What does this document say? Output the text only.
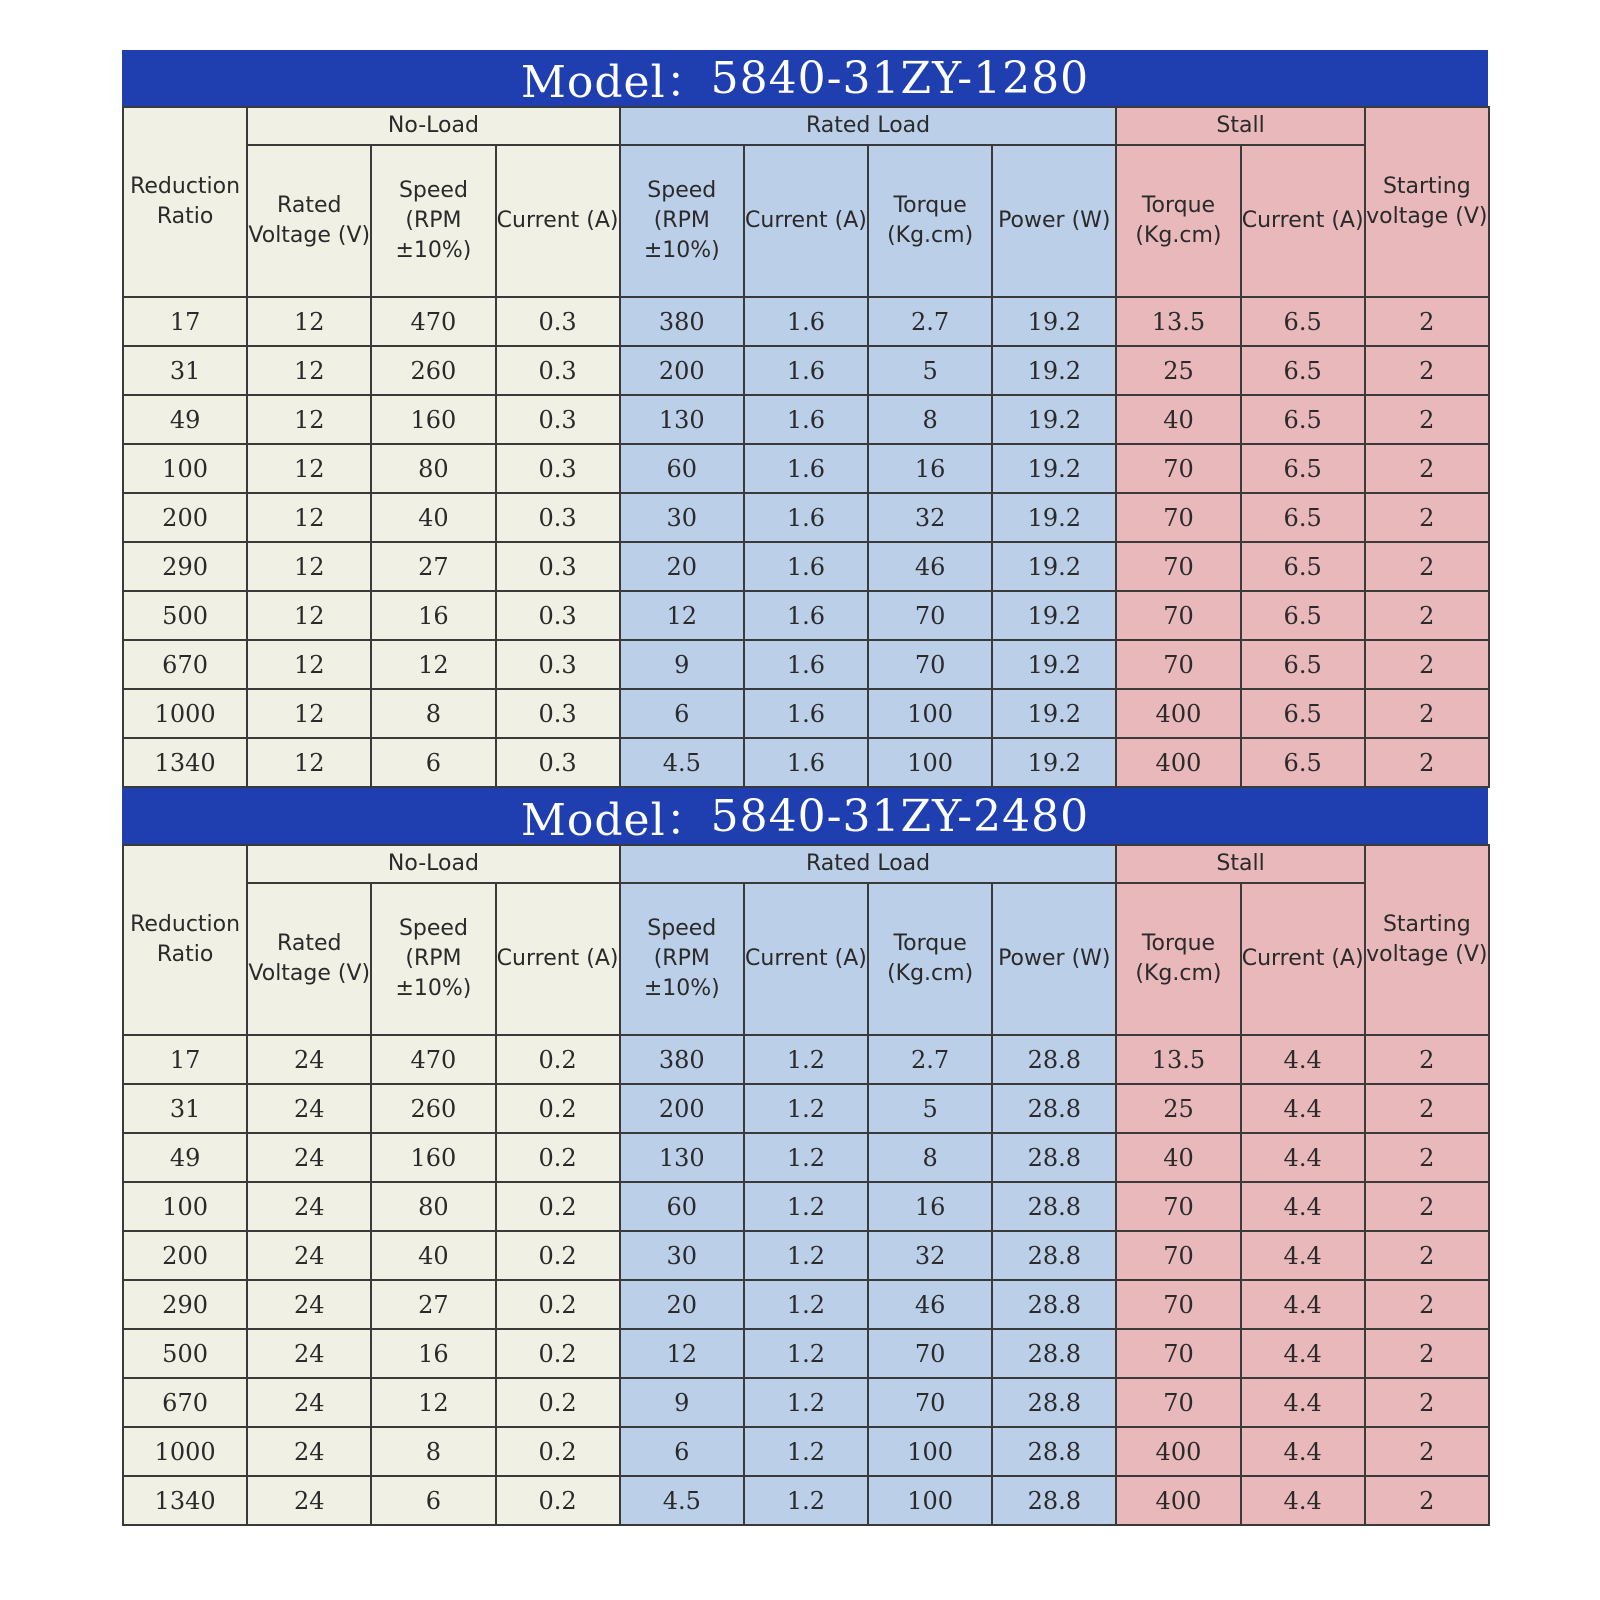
Model： 5840-31ZY-1280
Reduction Ratio	No-Load			Rated Load				Stall		Starting voltage (V)
	Rated Voltage (V)	Speed (RPM ±10%)	Current (A)	Speed (RPM ±10%)	Current (A)	Torque (Kg.cm)	Power (W)	Torque (Kg.cm)	Current (A)	
17	12	470	0.3	380	1.6	2.7	19.2	13.5	6.5	2
31	12	260	0.3	200	1.6	5	19.2	25	6.5	2
49	12	160	0.3	130	1.6	8	19.2	40	6.5	2
100	12	80	0.3	60	1.6	16	19.2	70	6.5	2
200	12	40	0.3	30	1.6	32	19.2	70	6.5	2
290	12	27	0.3	20	1.6	46	19.2	70	6.5	2
500	12	16	0.3	12	1.6	70	19.2	70	6.5	2
670	12	12	0.3	9	1.6	70	19.2	70	6.5	2
1000	12	8	0.3	6	1.6	100	19.2	400	6.5	2
1340	12	6	0.3	4.5	1.6	100	19.2	400	6.5	2
Model： 5840-31ZY-2480
Reduction Ratio	No-Load			Rated Load				Stall		Starting voltage (V)
	Rated Voltage (V)	Speed (RPM ±10%)	Current (A)	Speed (RPM ±10%)	Current (A)	Torque (Kg.cm)	Power (W)	Torque (Kg.cm)	Current (A)	
17	24	470	0.2	380	1.2	2.7	28.8	13.5	4.4	2
31	24	260	0.2	200	1.2	5	28.8	25	4.4	2
49	24	160	0.2	130	1.2	8	28.8	40	4.4	2
100	24	80	0.2	60	1.2	16	28.8	70	4.4	2
200	24	40	0.2	30	1.2	32	28.8	70	4.4	2
290	24	27	0.2	20	1.2	46	28.8	70	4.4	2
500	24	16	0.2	12	1.2	70	28.8	70	4.4	2
670	24	12	0.2	9	1.2	70	28.8	70	4.4	2
1000	24	8	0.2	6	1.2	100	28.8	400	4.4	2
1340	24	6	0.2	4.5	1.2	100	28.8	400	4.4	2
